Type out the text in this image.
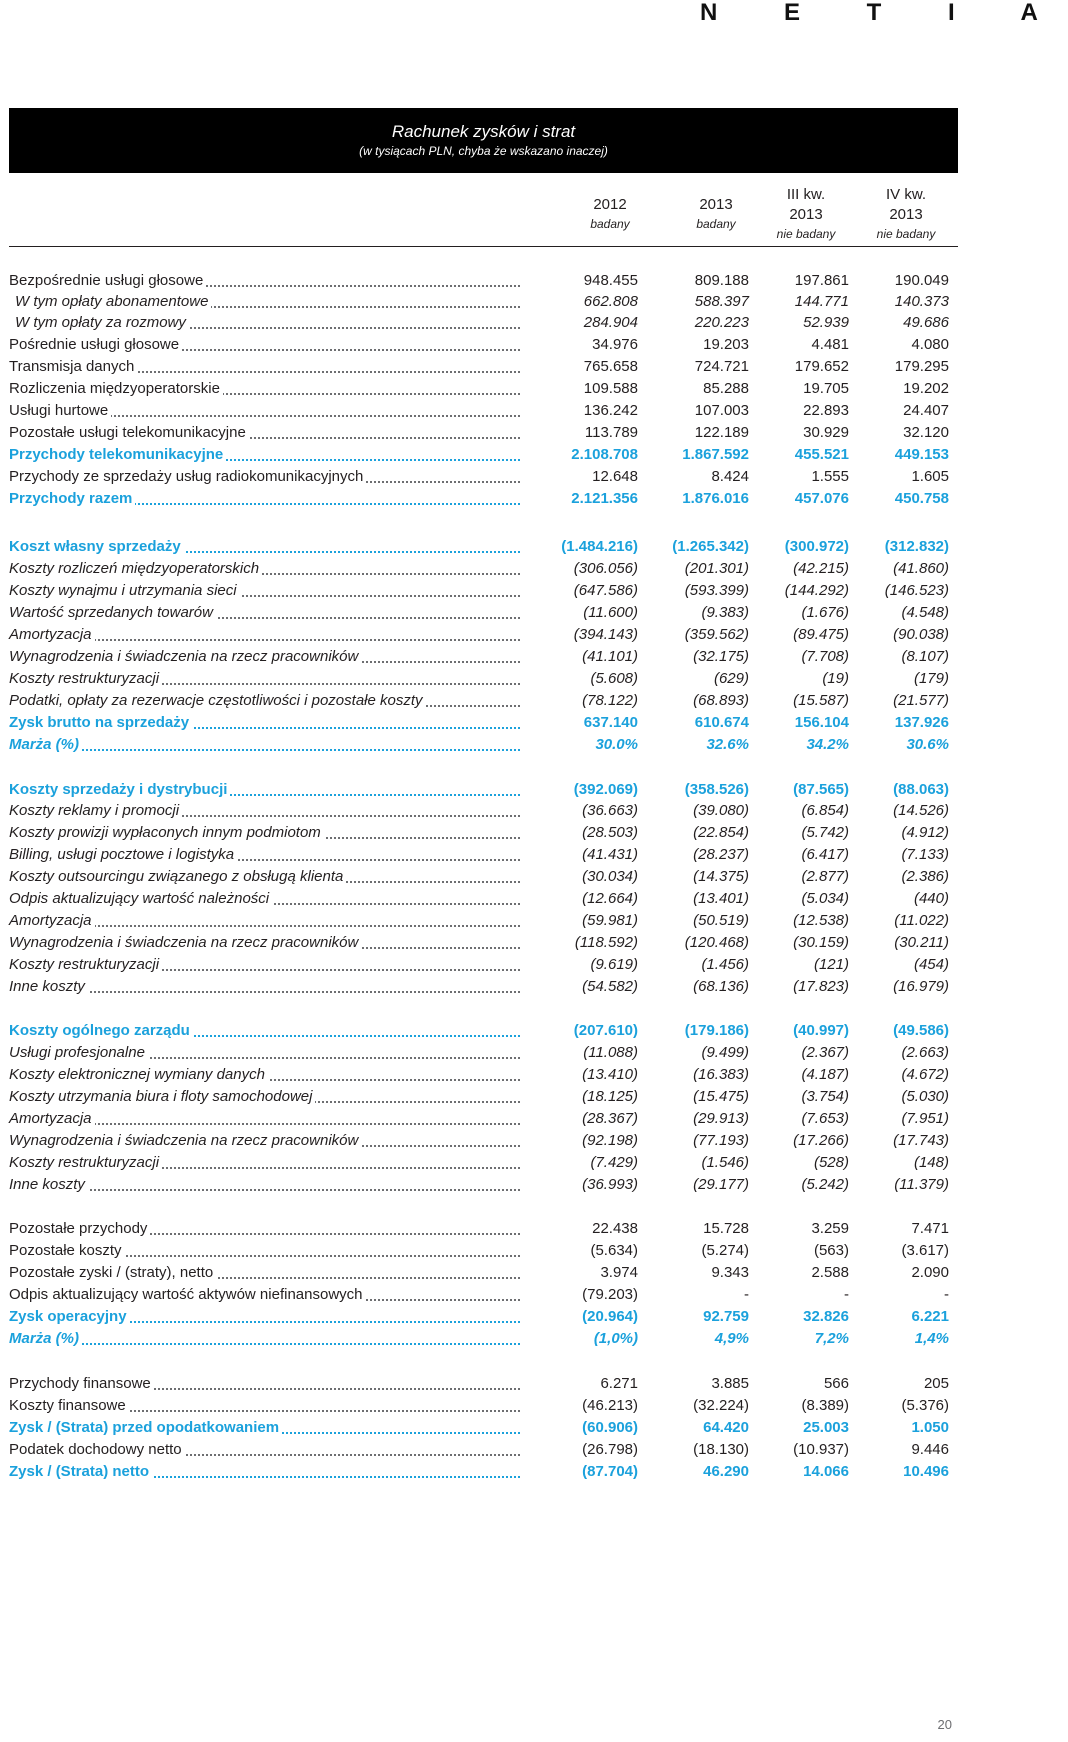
N E T I A
Rachunek zysków i strat
(w tysiącach PLN, chyba że wskazano inaczej)
2012
badany
2013
badany
III kw.
2013
nie badany
IV kw.
2013
nie badany
Bezpośrednie usługi głosowe	948.455	809.188	197.861	190.049
W tym opłaty abonamentowe	662.808	588.397	144.771	140.373
W tym opłaty za rozmowy	284.904	220.223	52.939	49.686
Pośrednie usługi głosowe	34.976	19.203	4.481	4.080
Transmisja danych	765.658	724.721	179.652	179.295
Rozliczenia międzyoperatorskie	109.588	85.288	19.705	19.202
Usługi hurtowe	136.242	107.003	22.893	24.407
Pozostałe usługi telekomunikacyjne	113.789	122.189	30.929	32.120
Przychody telekomunikacyjne	2.108.708	1.867.592	455.521	449.153
Przychody ze sprzedaży usług radiokomunikacyjnych	12.648	8.424	1.555	1.605
Przychody razem	2.121.356	1.876.016	457.076	450.758
Koszt własny sprzedaży	(1.484.216)	(1.265.342)	(300.972)	(312.832)
Koszty rozliczeń międzyoperatorskich	(306.056)	(201.301)	(42.215)	(41.860)
Koszty wynajmu i utrzymania sieci	(647.586)	(593.399)	(144.292)	(146.523)
Wartość sprzedanych towarów	(11.600)	(9.383)	(1.676)	(4.548)
Amortyzacja	(394.143)	(359.562)	(89.475)	(90.038)
Wynagrodzenia i świadczenia na rzecz pracowników	(41.101)	(32.175)	(7.708)	(8.107)
Koszty restrukturyzacji	(5.608)	(629)	(19)	(179)
Podatki, opłaty za rezerwacje częstotliwości i pozostałe koszty	(78.122)	(68.893)	(15.587)	(21.577)
Zysk brutto na sprzedaży	637.140	610.674	156.104	137.926
Marża (%)	30.0%	32.6%	34.2%	30.6%
Koszty sprzedaży i dystrybucji	(392.069)	(358.526)	(87.565)	(88.063)
Koszty reklamy i promocji	(36.663)	(39.080)	(6.854)	(14.526)
Koszty prowizji wypłaconych innym podmiotom	(28.503)	(22.854)	(5.742)	(4.912)
Billing, usługi pocztowe i logistyka	(41.431)	(28.237)	(6.417)	(7.133)
Koszty outsourcingu związanego z obsługą klienta	(30.034)	(14.375)	(2.877)	(2.386)
Odpis aktualizujący wartość należności	(12.664)	(13.401)	(5.034)	(440)
Amortyzacja	(59.981)	(50.519)	(12.538)	(11.022)
Wynagrodzenia i świadczenia na rzecz pracowników	(118.592)	(120.468)	(30.159)	(30.211)
Koszty restrukturyzacji	(9.619)	(1.456)	(121)	(454)
Inne koszty	(54.582)	(68.136)	(17.823)	(16.979)
Koszty ogólnego zarządu	(207.610)	(179.186)	(40.997)	(49.586)
Usługi profesjonalne	(11.088)	(9.499)	(2.367)	(2.663)
Koszty elektronicznej wymiany danych	(13.410)	(16.383)	(4.187)	(4.672)
Koszty utrzymania biura i floty samochodowej	(18.125)	(15.475)	(3.754)	(5.030)
Amortyzacja	(28.367)	(29.913)	(7.653)	(7.951)
Wynagrodzenia i świadczenia na rzecz pracowników	(92.198)	(77.193)	(17.266)	(17.743)
Koszty restrukturyzacji	(7.429)	(1.546)	(528)	(148)
Inne koszty	(36.993)	(29.177)	(5.242)	(11.379)
Pozostałe przychody	22.438	15.728	3.259	7.471
Pozostałe koszty	(5.634)	(5.274)	(563)	(3.617)
Pozostałe zyski / (straty), netto	3.974	9.343	2.588	2.090
Odpis aktualizujący wartość aktywów niefinansowych	(79.203)	-	-	-
Zysk operacyjny	(20.964)	92.759	32.826	6.221
Marża (%)	(1,0%)	4,9%	7,2%	1,4%
Przychody finansowe	6.271	3.885	566	205
Koszty finansowe	(46.213)	(32.224)	(8.389)	(5.376)
Zysk / (Strata) przed opodatkowaniem	(60.906)	64.420	25.003	1.050
Podatek dochodowy netto	(26.798)	(18.130)	(10.937)	9.446
Zysk / (Strata) netto	(87.704)	46.290	14.066	10.496
20
